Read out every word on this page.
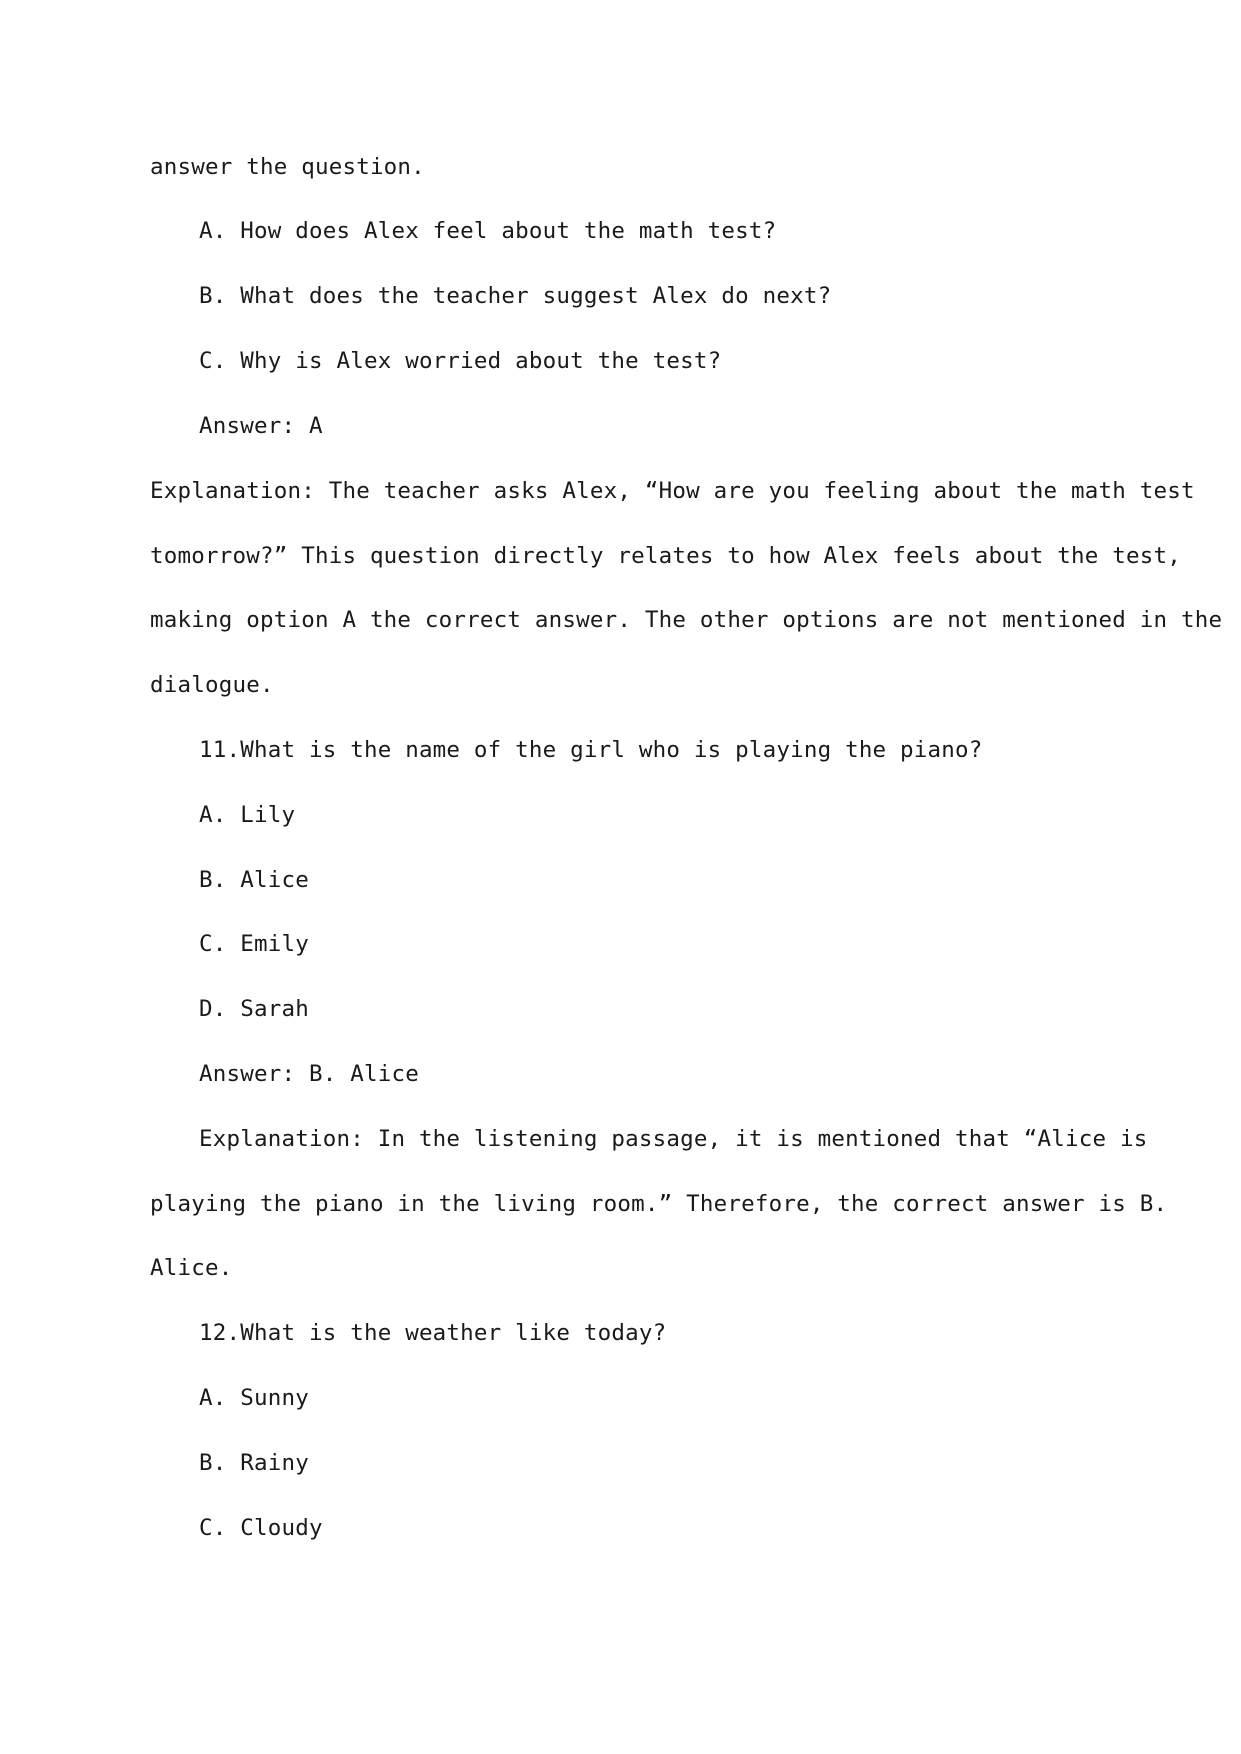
answer the question.
A. How does Alex feel about the math test?
B. What does the teacher suggest Alex do next?
C. Why is Alex worried about the test?
Answer: A
Explanation: The teacher asks Alex, “How are you feeling about the math test
tomorrow?” This question directly relates to how Alex feels about the test,
making option A the correct answer. The other options are not mentioned in the
dialogue.
11.What is the name of the girl who is playing the piano?
A. Lily
B. Alice
C. Emily
D. Sarah
Answer: B. Alice
Explanation: In the listening passage, it is mentioned that “Alice is
playing the piano in the living room.” Therefore, the correct answer is B.
Alice.
12.What is the weather like today?
A. Sunny
B. Rainy
C. Cloudy
